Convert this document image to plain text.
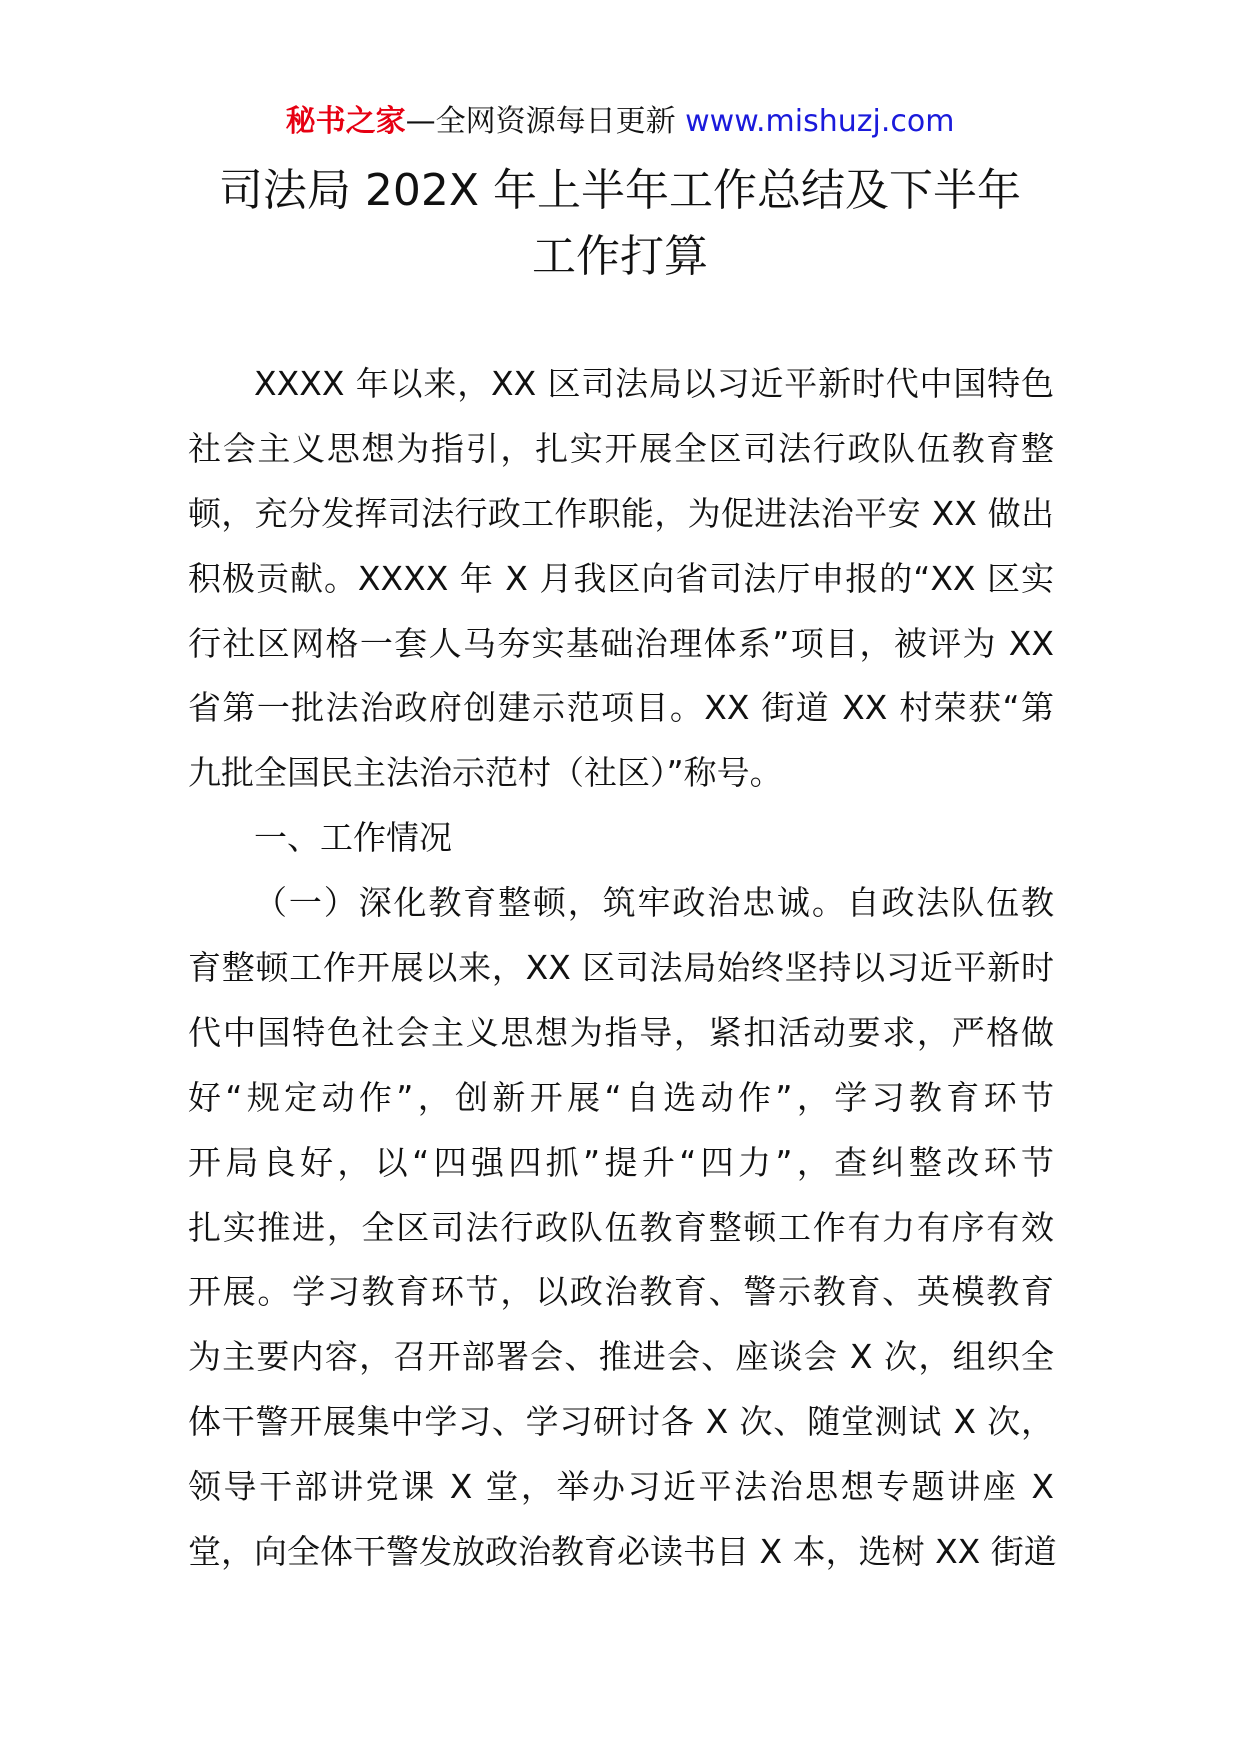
秘书之家—全网资源每日更新 www.mishuzj.com
司法局 202X 年上半年工作总结及下半年
工作打算
XXXX 年以来，XX 区司法局以习近平新时代中国特色
社会主义思想为指引，扎实开展全区司法行政队伍教育整
顿，充分发挥司法行政工作职能，为促进法治平安 XX 做出
积极贡献。XXXX 年 X 月我区向省司法厅申报的“XX 区实
行社区网格一套人马夯实基础治理体系”项目，被评为 XX
省第一批法治政府创建示范项目。XX 街道 XX 村荣获“第
九批全国民主法治示范村（社区）”称号。
一、工作情况
（一）深化教育整顿，筑牢政治忠诚。自政法队伍教
育整顿工作开展以来，XX 区司法局始终坚持以习近平新时
代中国特色社会主义思想为指导，紧扣活动要求，严格做
好“规定动作”，创新开展“自选动作”，学习教育环节
开局良好，以“四强四抓”提升“四力”，查纠整改环节
扎实推进，全区司法行政队伍教育整顿工作有力有序有效
开展。学习教育环节，以政治教育、警示教育、英模教育
为主要内容，召开部署会、推进会、座谈会 X 次，组织全
体干警开展集中学习、学习研讨各 X 次、随堂测试 X 次，
领导干部讲党课 X 堂，举办习近平法治思想专题讲座 X
堂，向全体干警发放政治教育必读书目 X 本，选树 XX 街道
